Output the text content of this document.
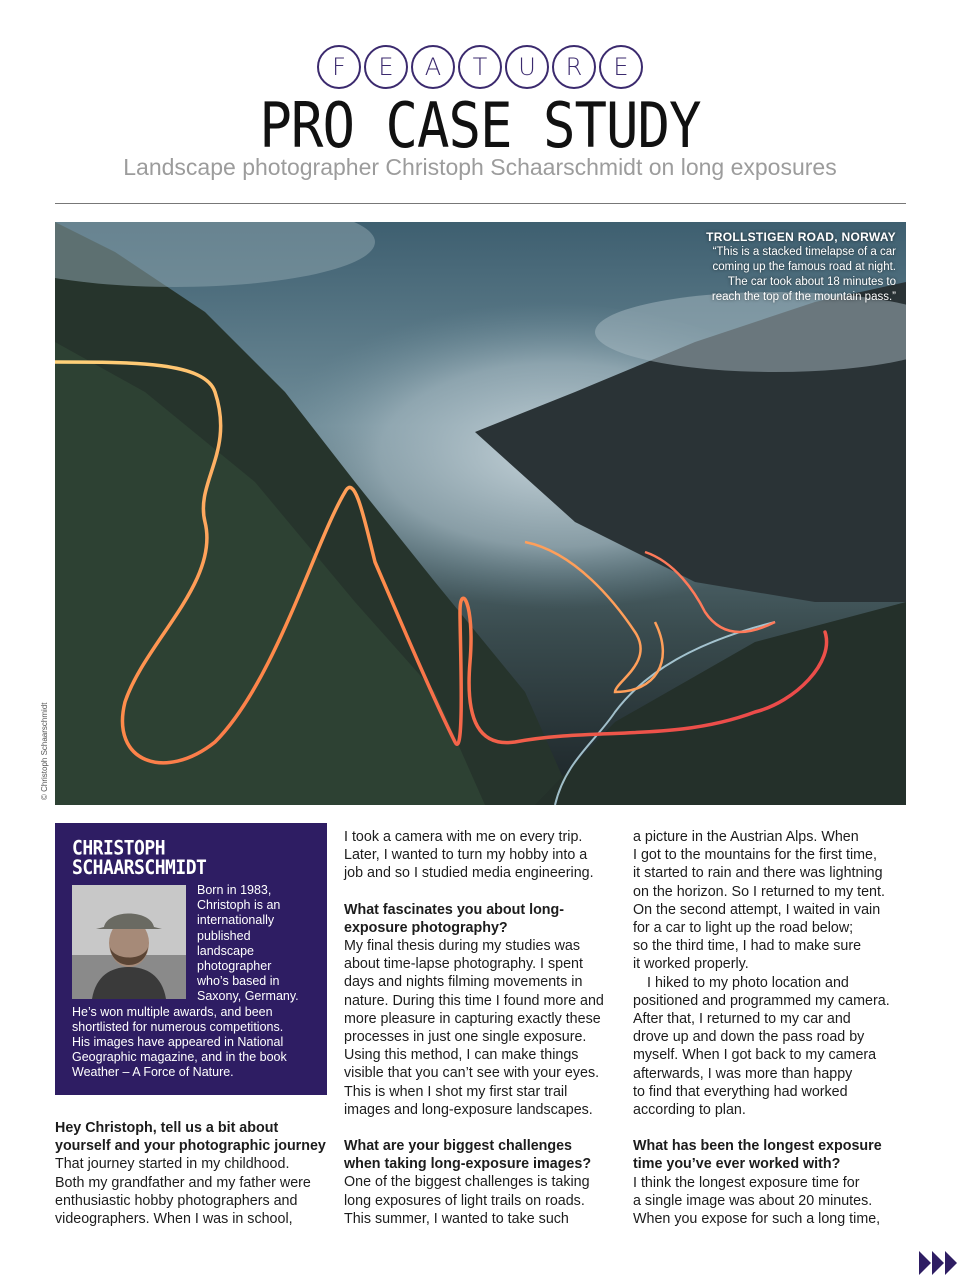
F	E	A	T	U	R	E
PRO CASE STUDY
Landscape photographer Christoph Schaarschmidt on long exposures
TROLLSTIGEN ROAD, NORWAY
“This is a stacked timelapse of a car
coming up the famous road at night.
The car took about 18 minutes to
reach the top of the mountain pass.”
© Christoph Schaarschmidt
CHRISTOPH
SCHAARSCHMIDT
Born in 1983,
Christoph is an
internationally
published
landscape
photographer
who’s based in
Saxony, Germany.
He’s won multiple awards, and been
shortlisted for numerous competitions.
His images have appeared in National
Geographic magazine, and in the book
Weather – A Force of Nature.

Hey Christoph, tell us a bit about
yourself and your photographic journey

That journey started in my childhood.
Both my grandfather and my father were
enthusiastic hobby photographers and
videographers. When I was in school,

I took a camera with me on every trip.
Later, I wanted to turn my hobby into a
job and so I studied media engineering.

What fascinates you about long-
exposure photography?

My final thesis during my studies was
about time-lapse photography. I spent
days and nights filming movements in
nature. During this time I found more and
more pleasure in capturing exactly these
processes in just one single exposure.
Using this method, I can make things
visible that you can’t see with your eyes.
This is when I shot my first star trail
images and long-exposure landscapes.

What are your biggest challenges
when taking long-exposure images?

One of the biggest challenges is taking
long exposures of light trails on roads.
This summer, I wanted to take such

a picture in the Austrian Alps. When
I got to the mountains for the first time,
it started to rain and there was lightning
on the horizon. So I returned to my tent.
On the second attempt, I waited in vain
for a car to light up the road below;
so the third time, I had to make sure
it worked properly.

I hiked to my photo location and
positioned and programmed my camera.
After that, I returned to my car and
drove up and down the pass road by
myself. When I got back to my camera
afterwards, I was more than happy
to find that everything had worked
according to plan.

What has been the longest exposure
time you’ve ever worked with?

I think the longest exposure time for
a single image was about 20 minutes.
When you expose for such a long time,
